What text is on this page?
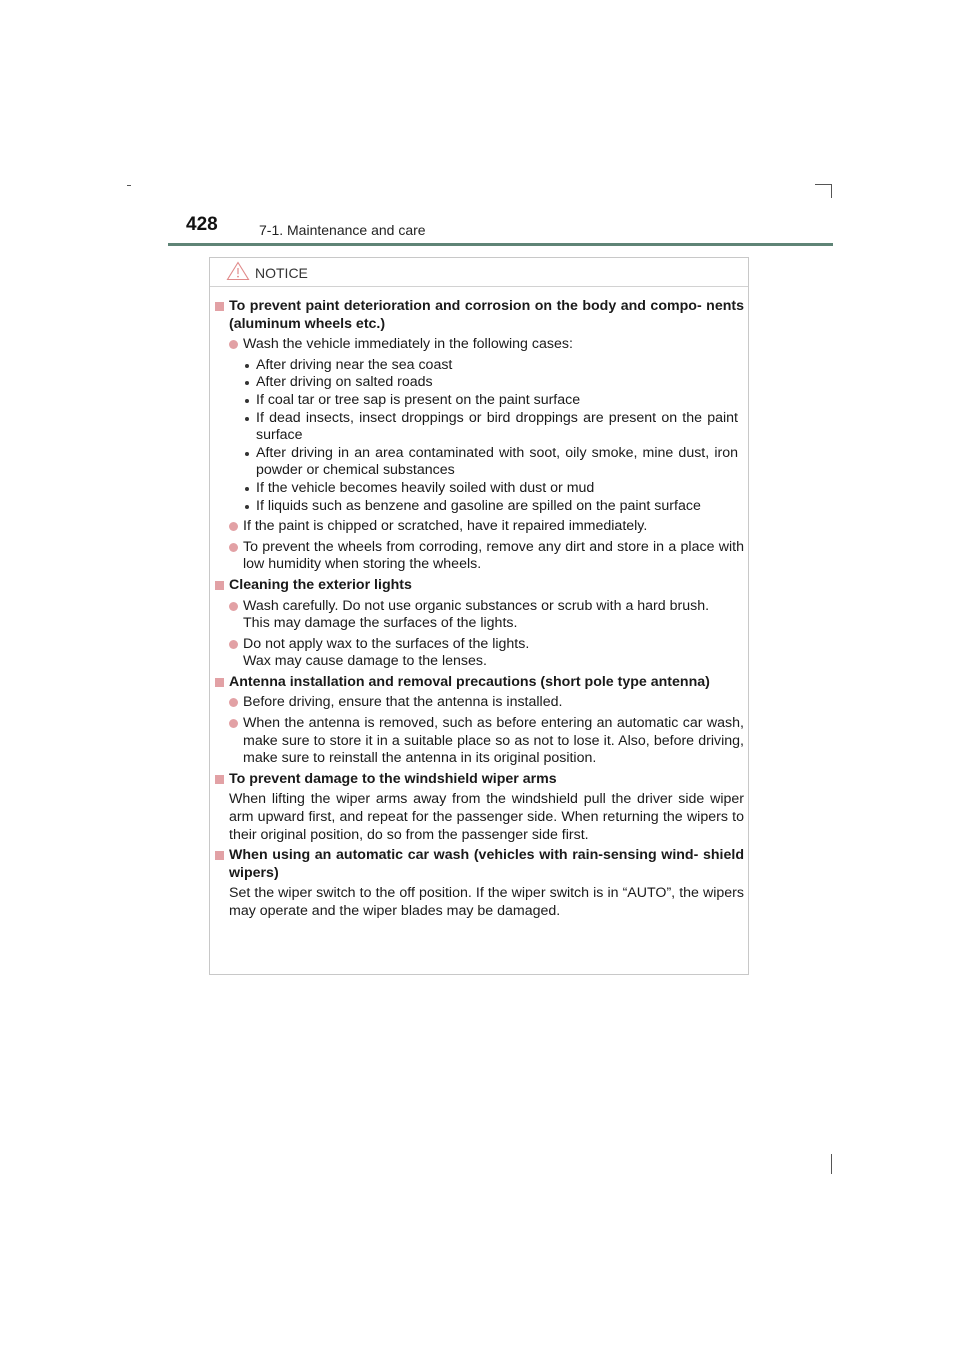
428	7-1. Maintenance and care
NOTICE
To prevent paint deterioration and corrosion on the body and compo- nents (aluminum wheels etc.)
Wash the vehicle immediately in the following cases:
After driving near the sea coast
After driving on salted roads
If coal tar or tree sap is present on the paint surface
If dead insects, insect droppings or bird droppings are present on the paint surface
After driving in an area contaminated with soot, oily smoke, mine dust, iron powder or chemical substances
If the vehicle becomes heavily soiled with dust or mud
If liquids such as benzene and gasoline are spilled on the paint surface
If the paint is chipped or scratched, have it repaired immediately.
To prevent the wheels from corroding, remove any dirt and store in a place with low humidity when storing the wheels.
Cleaning the exterior lights
Wash carefully. Do not use organic substances or scrub with a hard brush.
This may damage the surfaces of the lights.
Do not apply wax to the surfaces of the lights.
Wax may cause damage to the lenses.
Antenna installation and removal precautions (short pole type antenna)
Before driving, ensure that the antenna is installed.
When the antenna is removed, such as before entering an automatic car wash, make sure to store it in a suitable place so as not to lose it. Also, before driving, make sure to reinstall the antenna in its original position.
To prevent damage to the windshield wiper arms
When lifting the wiper arms away from the windshield pull the driver side wiper arm upward first, and repeat for the passenger side. When returning the wipers to their original position, do so from the passenger side first.
When using an automatic car wash (vehicles with rain-sensing wind- shield wipers)
Set the wiper switch to the off position. If the wiper switch is in “AUTO”, the wipers may operate and the wiper blades may be damaged.
